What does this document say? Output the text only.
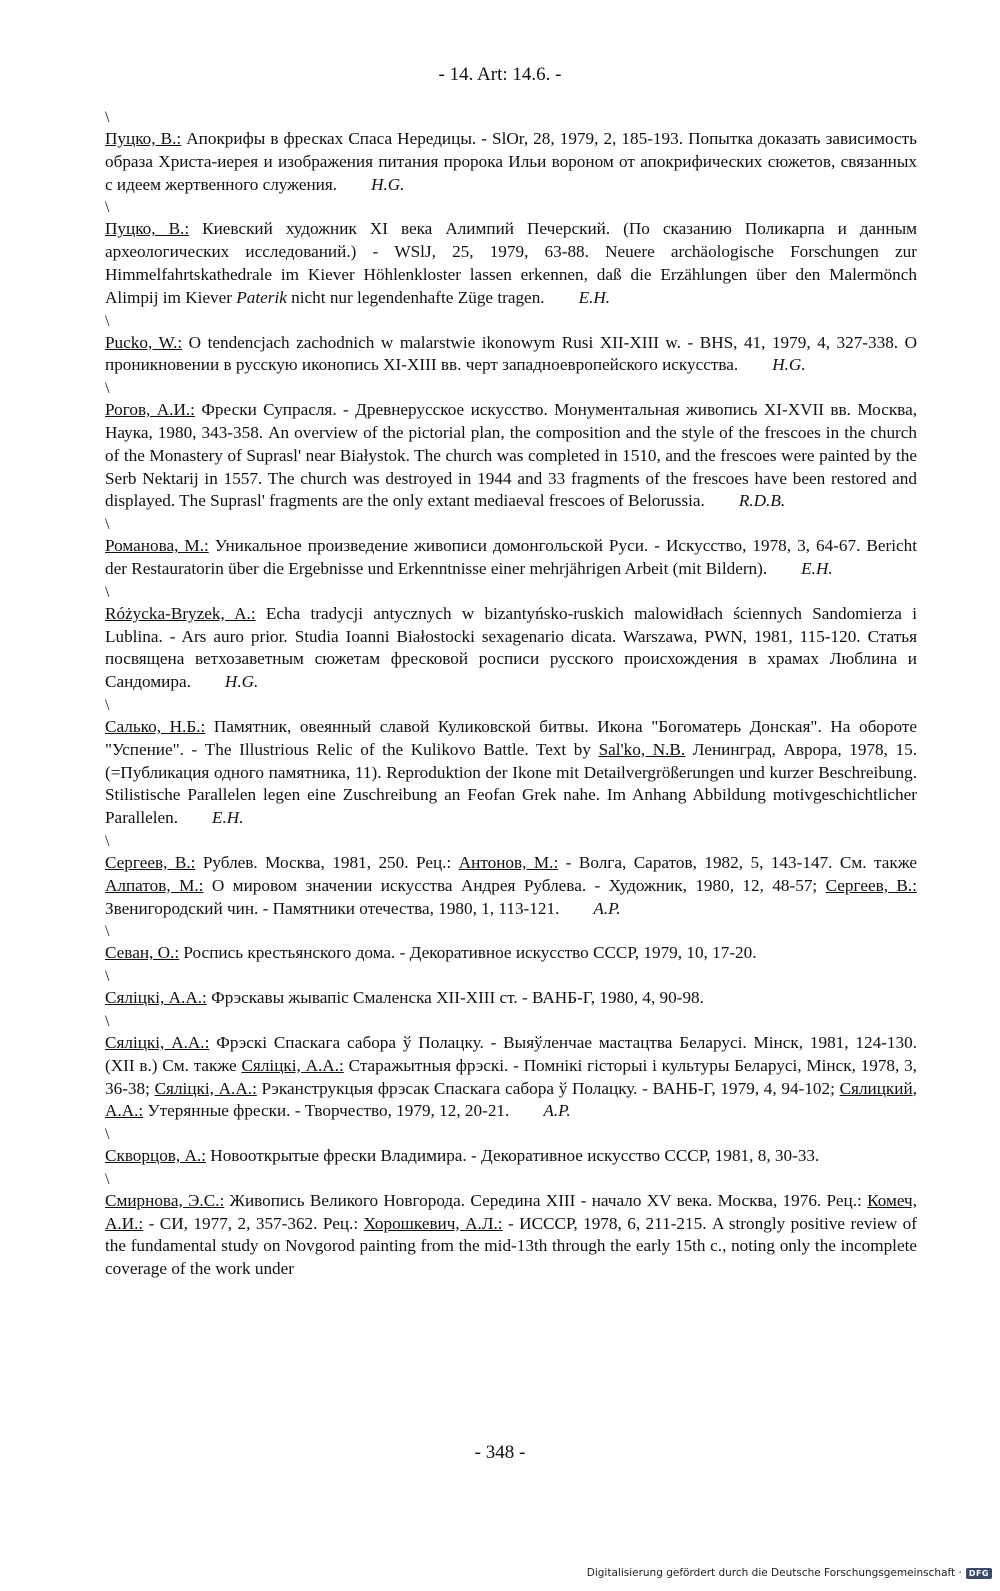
- 14. Art: 14.6. -
\

Пуцко, В.: Апокрифы в фресках Спаса Нередицы. - SlOr, 28, 1979, 2, 185-193. Попытка доказать зависимость образа Христа-иерея и изображения питания пророка Ильи вороном от апокрифических сюжетов, связанных с идеем жертвенного служения. H.G.

\

Пуцко, В.: Киевский художник XI века Алимпий Печерский. (По сказанию Поликарпа и данным археологических исследований.) - WSlJ, 25, 1979, 63-88. Neuere archäologische Forschungen zur Himmelfahrtskathedrale im Kiever Höhlenkloster lassen erkennen, daß die Erzählungen über den Malermönch Alimpij im Kiever Paterik nicht nur legendenhafte Züge tragen. E.H.

\

Pucko, W.: O tendencjach zachodnich w malarstwie ikonowym Rusi XII-XIII w. - BHS, 41, 1979, 4, 327-338. О проникновении в русскую иконопись XI-XIII вв. черт западноевропейского искусства. H.G.

\

Рогов, А.И.: Фрески Супрасля. - Древнерусское искусство. Монументальная живопись XI-XVII вв. Москва, Наука, 1980, 343-358. An overview of the pictorial plan, the composition and the style of the frescoes in the church of the Monastery of Suprasl' near Białystok. The church was completed in 1510, and the frescoes were painted by the Serb Nektarij in 1557. The church was destroyed in 1944 and 33 fragments of the frescoes have been restored and displayed. The Suprasl' fragments are the only extant mediaeval frescoes of Belorussia. R.D.B.

\

Романова, М.: Уникальное произведение живописи домонгольской Руси. - Искусство, 1978, 3, 64-67. Bericht der Restauratorin über die Ergebnisse und Erkenntnisse einer mehrjährigen Arbeit (mit Bildern). E.H.

\

Różycka-Bryzek, A.: Echa tradycji antycznych w bizantyńsko-ruskich malowidłach ściennych Sandomierza i Lublina. - Ars auro prior. Studia Ioanni Białostocki sexagenario dicata. Warszawa, PWN, 1981, 115-120. Статья посвящена ветхозаветным сюжетам фресковой росписи русского происхождения в храмах Люблина и Сандомира. H.G.

\

Салько, Н.Б.: Памятник, овеянный славой Куликовской битвы. Икона "Богоматерь Донская". На обороте "Успение". - The Illustrious Relic of the Kulikovo Battle. Text by Sal'ko, N.B. Ленинград, Аврора, 1978, 15. (=Публикация одного памятника, 11). Reproduktion der Ikone mit Detailvergrößerungen und kurzer Beschreibung. Stilistische Parallelen legen eine Zuschreibung an Feofan Grek nahe. Im Anhang Abbildung motivgeschichtlicher Parallelen. E.H.

\

Сергеев, В.: Рублев. Москва, 1981, 250. Рец.: Антонов, М.: - Волга, Саратов, 1982, 5, 143-147. См. также Алпатов, М.: О мировом значении искусства Андрея Рублева. - Художник, 1980, 12, 48-57; Сергеев, В.: Звенигородский чин. - Памятники отечества, 1980, 1, 113-121. A.P.

\

Севан, О.: Роспись крестьянского дома. - Декоративное искусство СССР, 1979, 10, 17-20.

\

Сяліцкі, А.А.: Фрэскавы жывапіс Смаленска XII-XIII ст. - ВАНБ-Г, 1980, 4, 90-98.

\

Сяліцкі, А.А.: Фрэскі Спаскага сабора ў Полацку. - Выяўленчае мастацтва Беларусі. Мінск, 1981, 124-130. (XII в.) См. также Сяліцкі, А.А.: Старажытныя фрэскі. - Помнікі гісторыі і культуры Беларусі, Мінск, 1978, 3, 36-38; Сяліцкі, А.А.: Рэканструкцыя фрэсак Спаскага сабора ў Полацку. - ВАНБ-Г, 1979, 4, 94-102; Сялицкий, А.А.: Утерянные фрески. - Творчество, 1979, 12, 20-21. A.P.

\

Скворцов, А.: Новооткрытые фрески Владимира. - Декоративное искусство СССР, 1981, 8, 30-33.

\

Смирнова, Э.С.: Живопись Великого Новгорода. Середина XIII - начало XV века. Москва, 1976. Рец.: Комеч, А.И.: - СИ, 1977, 2, 357-362. Рец.: Хорошкевич, А.Л.: - ИССCР, 1978, 6, 211-215. A strongly positive review of the fundamental study on Novgorod painting from the mid-13th through the early 15th c., noting only the incomplete coverage of the work under

- 348 -
Digitalisierung gefördert durch die Deutsche Forschungsgemeinschaft · DFG
